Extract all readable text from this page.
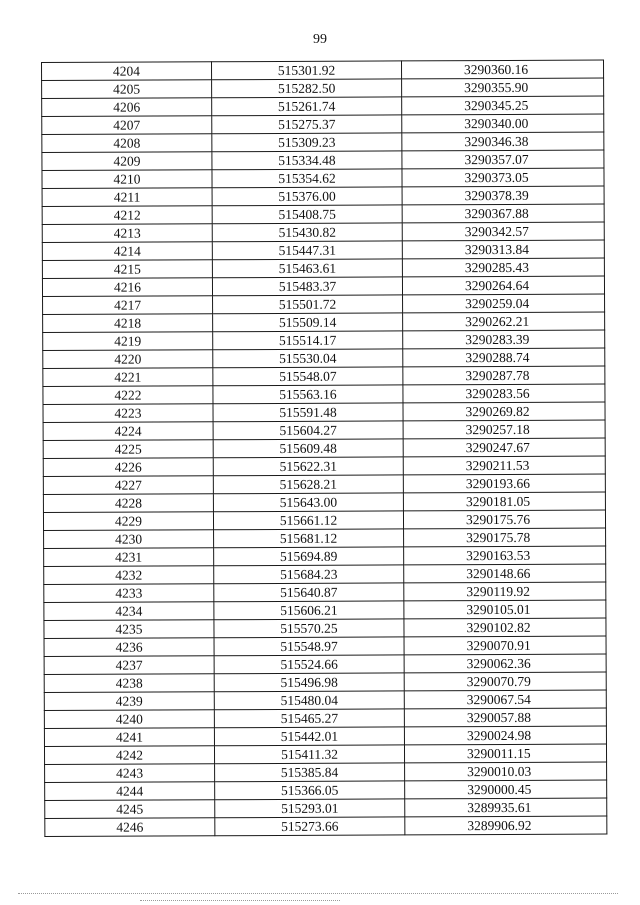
99
4204	515301.92	3290360.16
4205	515282.50	3290355.90
4206	515261.74	3290345.25
4207	515275.37	3290340.00
4208	515309.23	3290346.38
4209	515334.48	3290357.07
4210	515354.62	3290373.05
4211	515376.00	3290378.39
4212	515408.75	3290367.88
4213	515430.82	3290342.57
4214	515447.31	3290313.84
4215	515463.61	3290285.43
4216	515483.37	3290264.64
4217	515501.72	3290259.04
4218	515509.14	3290262.21
4219	515514.17	3290283.39
4220	515530.04	3290288.74
4221	515548.07	3290287.78
4222	515563.16	3290283.56
4223	515591.48	3290269.82
4224	515604.27	3290257.18
4225	515609.48	3290247.67
4226	515622.31	3290211.53
4227	515628.21	3290193.66
4228	515643.00	3290181.05
4229	515661.12	3290175.76
4230	515681.12	3290175.78
4231	515694.89	3290163.53
4232	515684.23	3290148.66
4233	515640.87	3290119.92
4234	515606.21	3290105.01
4235	515570.25	3290102.82
4236	515548.97	3290070.91
4237	515524.66	3290062.36
4238	515496.98	3290070.79
4239	515480.04	3290067.54
4240	515465.27	3290057.88
4241	515442.01	3290024.98
4242	515411.32	3290011.15
4243	515385.84	3290010.03
4244	515366.05	3290000.45
4245	515293.01	3289935.61
4246	515273.66	3289906.92
